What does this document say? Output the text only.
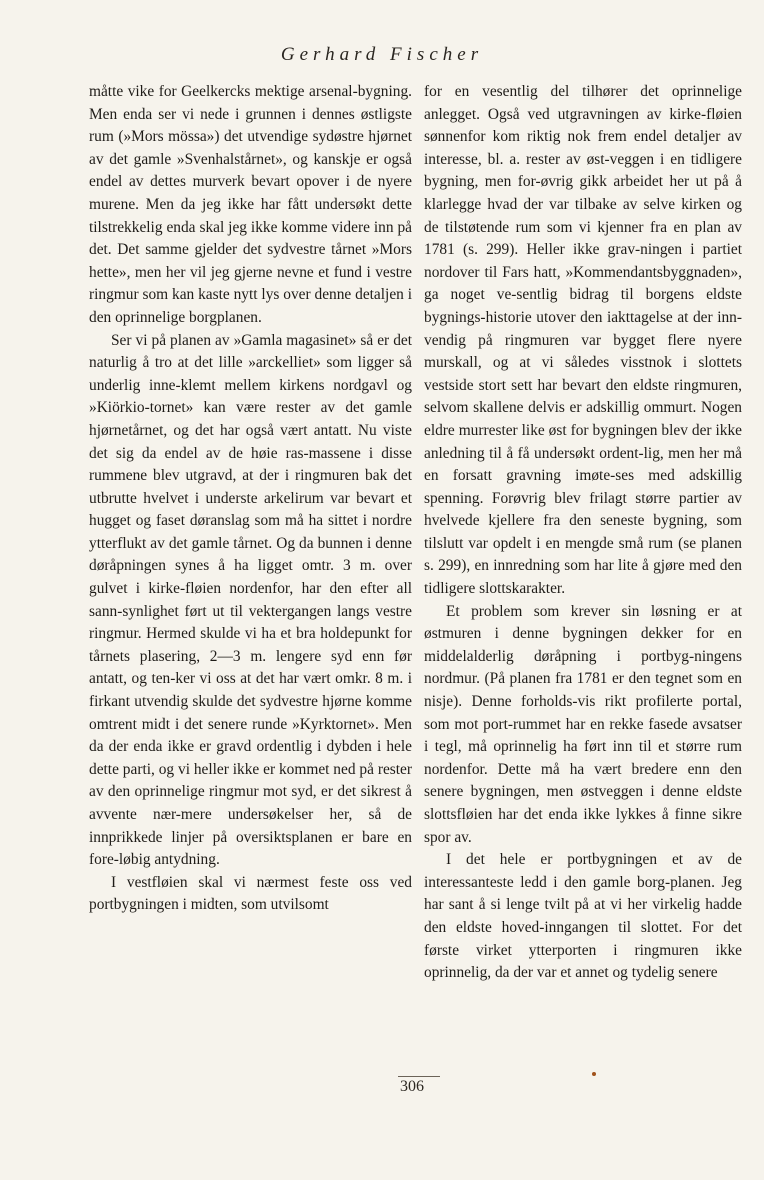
Gerhard Fischer

måtte vike for Geelkercks mektige arsenal-bygning. Men enda ser vi nede i grunnen i dennes østligste rum (»Mors mössa») det utvendige sydøstre hjørnet av det gamle »Svenhalstårnet», og kanskje er også endel av dettes murverk bevart opover i de nyere murene. Men da jeg ikke har fått undersøkt dette tilstrekkelig enda skal jeg ikke komme videre inn på det. Det samme gjelder det sydvestre tårnet »Mors hette», men her vil jeg gjerne nevne et fund i vestre ringmur som kan kaste nytt lys over denne detaljen i den oprinnelige borgplanen.

Ser vi på planen av »Gamla magasinet» så er det naturlig å tro at det lille »arckelliet» som ligger så underlig inne-klemt mellem kirkens nordgavl og »Kiörkio-tornet» kan være rester av det gamle hjørnetårnet, og det har også vært antatt. Nu viste det sig da endel av de høie ras-massene i disse rummene blev utgravd, at der i ringmuren bak det utbrutte hvelvet i underste arkelirum var bevart et hugget og faset døranslag som må ha sittet i nordre ytterflukt av det gamle tårnet. Og da bunnen i denne døråpningen synes å ha ligget omtr. 3 m. over gulvet i kirke-fløien nordenfor, har den efter all sann-synlighet ført ut til vektergangen langs vestre ringmur. Hermed skulde vi ha et bra holdepunkt for tårnets plasering, 2—3 m. lengere syd enn før antatt, og ten-ker vi oss at det har vært omkr. 8 m. i firkant utvendig skulde det sydvestre hjørne komme omtrent midt i det senere runde »Kyrktornet». Men da der enda ikke er gravd ordentlig i dybden i hele dette parti, og vi heller ikke er kommet ned på rester av den oprinnelige ringmur mot syd, er det sikrest å avvente nær-mere undersøkelser her, så de innprikkede linjer på oversiktsplanen er bare en fore-løbig antydning.

I vestfløien skal vi nærmest feste oss ved portbygningen i midten, som utvilsomt

for en vesentlig del tilhører det oprinnelige anlegget. Også ved utgravningen av kirke-fløien sønnenfor kom riktig nok frem endel detaljer av interesse, bl. a. rester av øst-veggen i en tidligere bygning, men for-øvrig gikk arbeidet her ut på å klarlegge hvad der var tilbake av selve kirken og de tilstøtende rum som vi kjenner fra en plan av 1781 (s. 299). Heller ikke grav-ningen i partiet nordover til Fars hatt, »Kommendantsbyggnaden», ga noget ve-sentlig bidrag til borgens eldste bygnings-historie utover den iakttagelse at der inn-vendig på ringmuren var bygget flere nyere murskall, og at vi således visstnok i slottets vestside stort sett har bevart den eldste ringmuren, selvom skallene delvis er adskillig ommurt. Nogen eldre murrester like øst for bygningen blev der ikke anledning til å få undersøkt ordent-lig, men her må en forsatt gravning imøte-ses med adskillig spenning. Forøvrig blev frilagt større partier av hvelvede kjellere fra den seneste bygning, som tilslutt var opdelt i en mengde små rum (se planen s. 299), en innredning som har lite å gjøre med den tidligere slottskarakter.

Et problem som krever sin løsning er at østmuren i denne bygningen dekker for en middelalderlig døråpning i portbyg-ningens nordmur. (På planen fra 1781 er den tegnet som en nisje). Denne forholds-vis rikt profilerte portal, som mot port-rummet har en rekke fasede avsatser i tegl, må oprinnelig ha ført inn til et større rum nordenfor. Dette må ha vært bredere enn den senere bygningen, men østveggen i denne eldste slottsfløien har det enda ikke lykkes å finne sikre spor av.

I det hele er portbygningen et av de interessanteste ledd i den gamle borg-planen. Jeg har sant å si lenge tvilt på at vi her virkelig hadde den eldste hoved-inngangen til slottet. For det første virket ytterporten i ringmuren ikke oprinnelig, da der var et annet og tydelig senere

306
